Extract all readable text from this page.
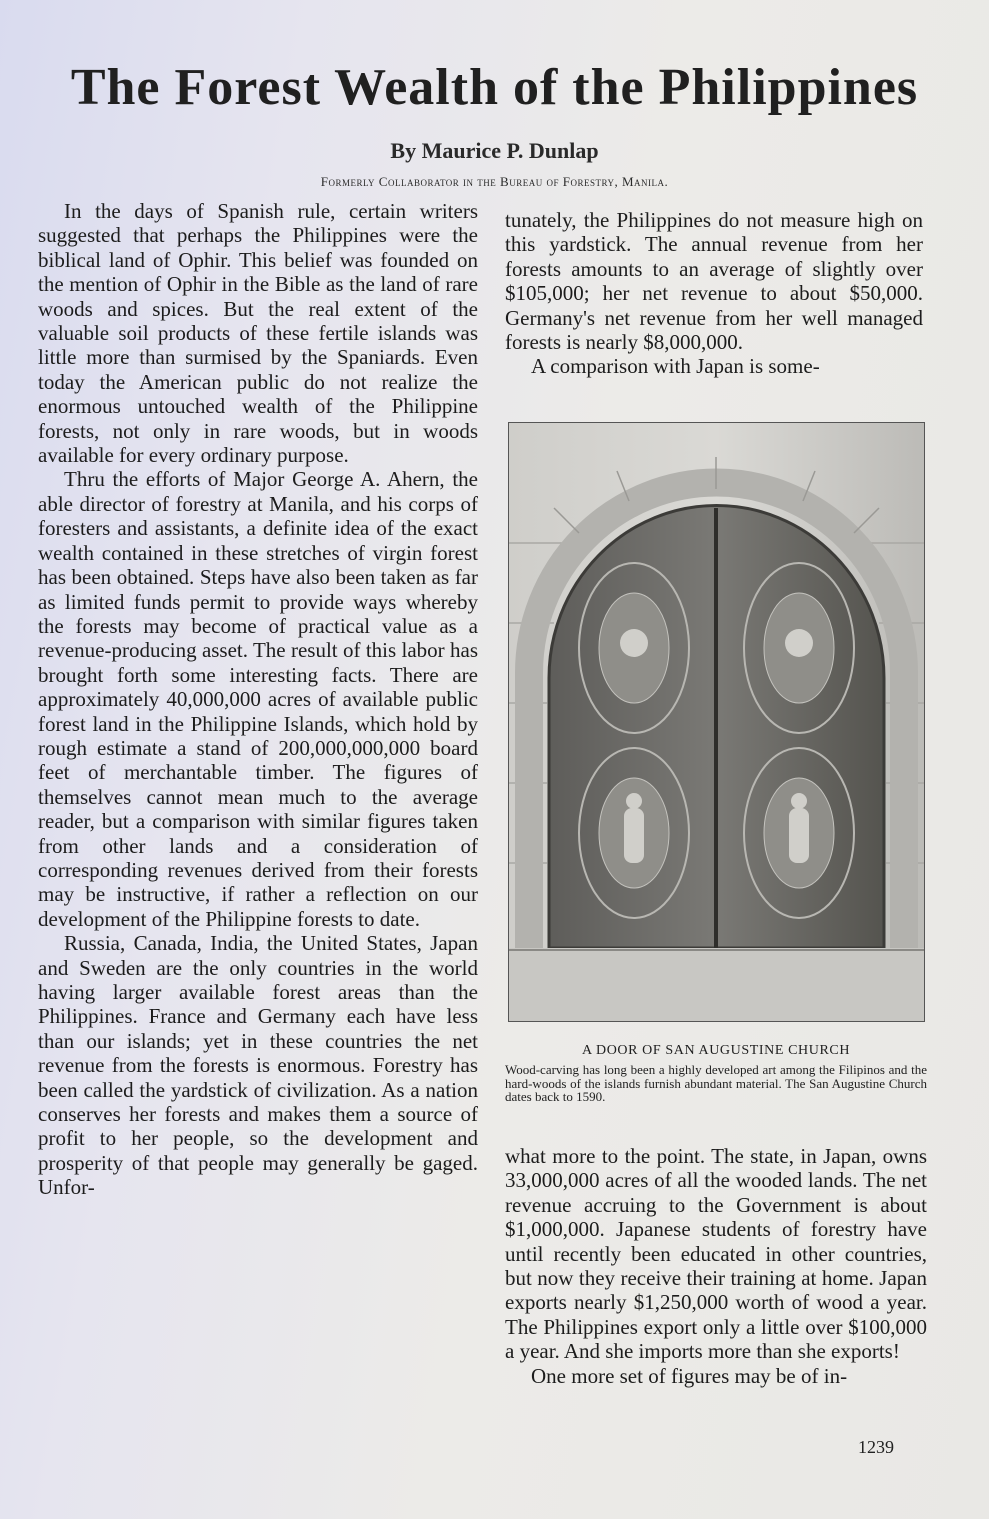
The Forest Wealth of the Philippines
By Maurice P. Dunlap
Formerly Collaborator in the Bureau of Forestry, Manila.

In the days of Spanish rule, certain writers suggested that perhaps the Philippines were the biblical land of Ophir. This belief was founded on the mention of Ophir in the Bible as the land of rare woods and spices. But the real extent of the valuable soil products of these fertile islands was little more than surmised by the Spaniards. Even today the American public do not realize the enormous untouched wealth of the Philippine forests, not only in rare woods, but in woods available for every ordinary purpose.

Thru the efforts of Major George A. Ahern, the able director of forestry at Manila, and his corps of foresters and assistants, a definite idea of the exact wealth contained in these stretches of virgin forest has been obtained. Steps have also been taken as far as limited funds permit to provide ways whereby the forests may become of practical value as a revenue-producing asset. The result of this labor has brought forth some interesting facts. There are approximately 40,000,000 acres of available public forest land in the Philippine Islands, which hold by rough estimate a stand of 200,000,000,000 board feet of merchantable timber. The figures of themselves cannot mean much to the average reader, but a comparison with similar figures taken from other lands and a consideration of corresponding revenues derived from their forests may be instructive, if rather a reflection on our development of the Philippine forests to date.

Russia, Canada, India, the United States, Japan and Sweden are the only countries in the world having larger available forest areas than the Philippines. France and Germany each have less than our islands; yet in these countries the net revenue from the forests is enormous. Forestry has been called the yardstick of civilization. As a nation conserves her forests and makes them a source of profit to her people, so the development and prosperity of that people may generally be gaged. Unfor-

tunately, the Philippines do not measure high on this yardstick. The annual revenue from her forests amounts to an average of slightly over $105,000; her net revenue to about $50,000. Germany's net revenue from her well managed forests is nearly $8,000,000.

A comparison with Japan is some-

A DOOR OF SAN AUGUSTINE CHURCH
Wood-carving has long been a highly developed art among the Filipinos and the hard-woods of the islands furnish abundant material. The San Augustine Church dates back to 1590.

what more to the point. The state, in Japan, owns 33,000,000 acres of all the wooded lands. The net revenue accruing to the Government is about $1,000,000. Japanese students of forestry have until recently been educated in other countries, but now they receive their training at home. Japan exports nearly $1,250,000 worth of wood a year. The Philippines export only a little over $100,000 a year. And she imports more than she exports!

One more set of figures may be of in-

1239
